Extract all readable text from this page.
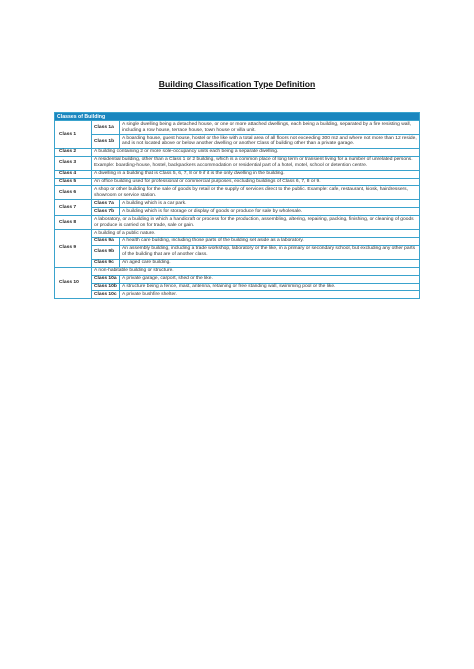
Building Classification Type Definition
Classes of Building		
Class 1	Class 1a	A single dwelling being a detached house, or one or more attached dwellings, each being a building, separated by a fire resisting wall, including a row house, terrace house, town house or villa unit.
	Class 1b	A boarding house, guest house, hostel or the like with a total area of all floors not exceeding 300 m2 and where not more than 12 reside, and is not located above or below another dwelling or another Class of building other than a private garage.
Class 2	A building containing 2 or more sole-occupancy units each being a separate dwelling.	
Class 3	A residential building, other than a Class 1 or 2 building, which is a common place of long term or transient living for a number of unrelated persons. Example: boarding-house, hostel, backpackers accommodation or residential part of a hotel, motel, school or detention centre.	
Class 4	A dwelling in a building that is Class 5, 6, 7, 8 or 9 if it is the only dwelling in the building.	
Class 5	An office building used for professional or commercial purposes, excluding buildings of Class 6, 7, 8 or 9.	
Class 6	A shop or other building for the sale of goods by retail or the supply of services direct to the public. Example: cafe, restaurant, kiosk, hairdressers, showroom or service station.	
Class 7	Class 7a	A building which is a car park.
	Class 7b	A building which is for storage or display of goods or produce for sale by wholesale.
Class 8	A laboratory, or a building in which a handicraft or process for the production, assembling, altering, repairing, packing, finishing, or cleaning of goods or produce is carried on for trade, sale or gain.	
Class 9	A building of a public nature.	
	Class 9a	A health care building, including those parts of the building set aside as a laboratory.
	Class 9b	An assembly building, including a trade workshop, laboratory or the like, in a primary or secondary school, but excluding any other parts of the building that are of another class.
	Class 9c	An aged care building.
Class 10	A non-habitable building or structure.	
	Class 10a	A private garage, carport, shed or the like.
	Class 10b	A structure being a fence, mast, antenna, retaining or free standing wall, swimming pool or the like.
	Class 10c	A private bushfire shelter.
